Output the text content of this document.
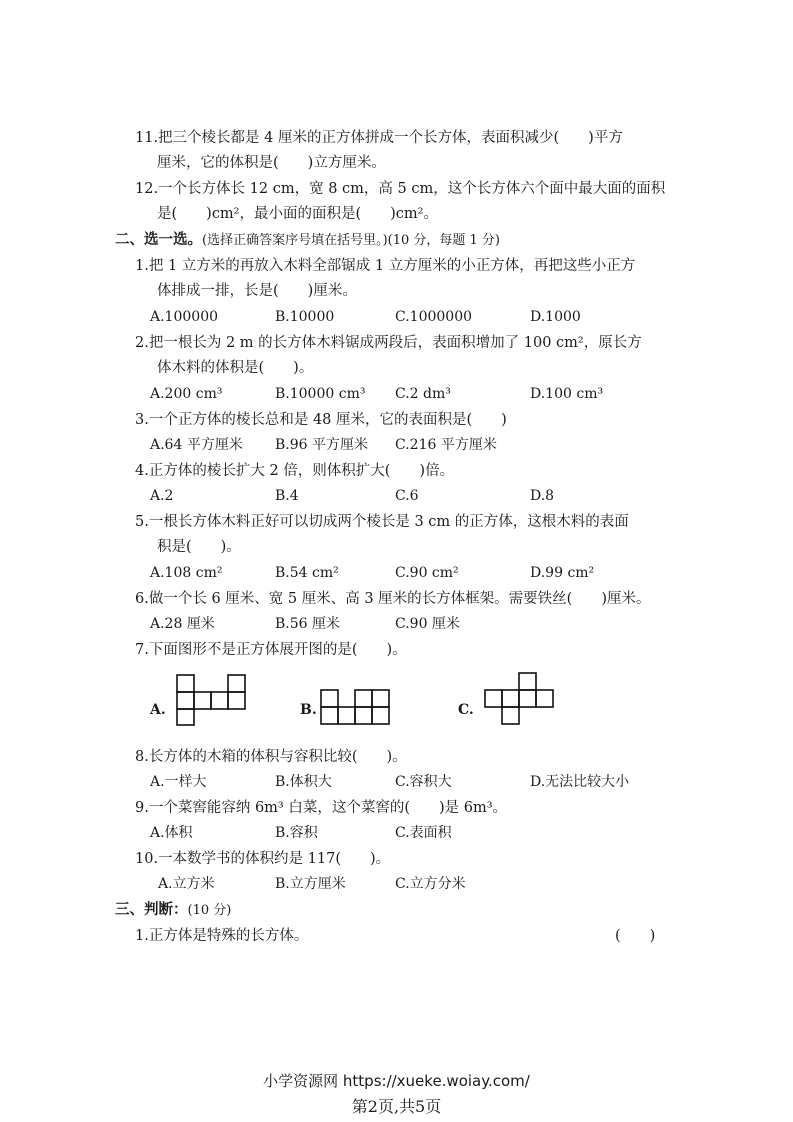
11.把三个棱长都是 4 厘米的正方体拼成一个长方体，表面积减少(　　)平方
厘米，它的体积是(　　)立方厘米。
12.一个长方体长 12 cm，宽 8 cm，高 5 cm，这个长方体六个面中最大面的面积
是(　　)cm²，最小面的面积是(　　)cm²。
二、选一选。(选择正确答案序号填在括号里。)(10 分，每题 1 分)
1.把 1 立方米的再放入木料全部锯成 1 立方厘米的小正方体，再把这些小正方
体排成一排，长是(　　)厘米。
A.100000	B.10000	C.1000000	D.1000
2.把一根长为 2 m 的长方体木料锯成两段后，表面积增加了 100 cm²，原长方
体木料的体积是(　　)。
A.200 cm³	B.10000 cm³ C.2 dm³	D.100 cm³
3.一个正方体的棱长总和是 48 厘米，它的表面积是(　　)
A.64 平方厘米 B.96 平方厘米 C.216 平方厘米
4.正方体的棱长扩大 2 倍，则体积扩大(　　)倍。
A.2	B.4	C.6	D.8
5.一根长方体木料正好可以切成两个棱长是 3 cm 的正方体，这根木料的表面
积是(　　)。
A.108 cm²	B.54 cm²	C.90 cm²	D.99 cm²
6.做一个长 6 厘米、宽 5 厘米、高 3 厘米的长方体框架。需要铁丝(　　)厘米。
A.28 厘米	B.56 厘米	C.90 厘米
7.下面图形不是正方体展开图的是(　　)。
A.	B.	C.
8.长方体的木箱的体积与容积比较(　　)。
A.一样大	B.体积大	C.容积大	D.无法比较大小
9.一个菜窖能容纳 6m³ 白菜，这个菜窖的(　　)是 6m³。
A.体积	B.容积	C.表面积
10.一本数学书的体积约是 117(　　)。
A.立方米	B.立方厘米	C.立方分米
三、判断：(10 分)
1.正方体是特殊的长方体。	(　　)
小学资源网 https://xueke.woiay.com/
第2页,共5页
